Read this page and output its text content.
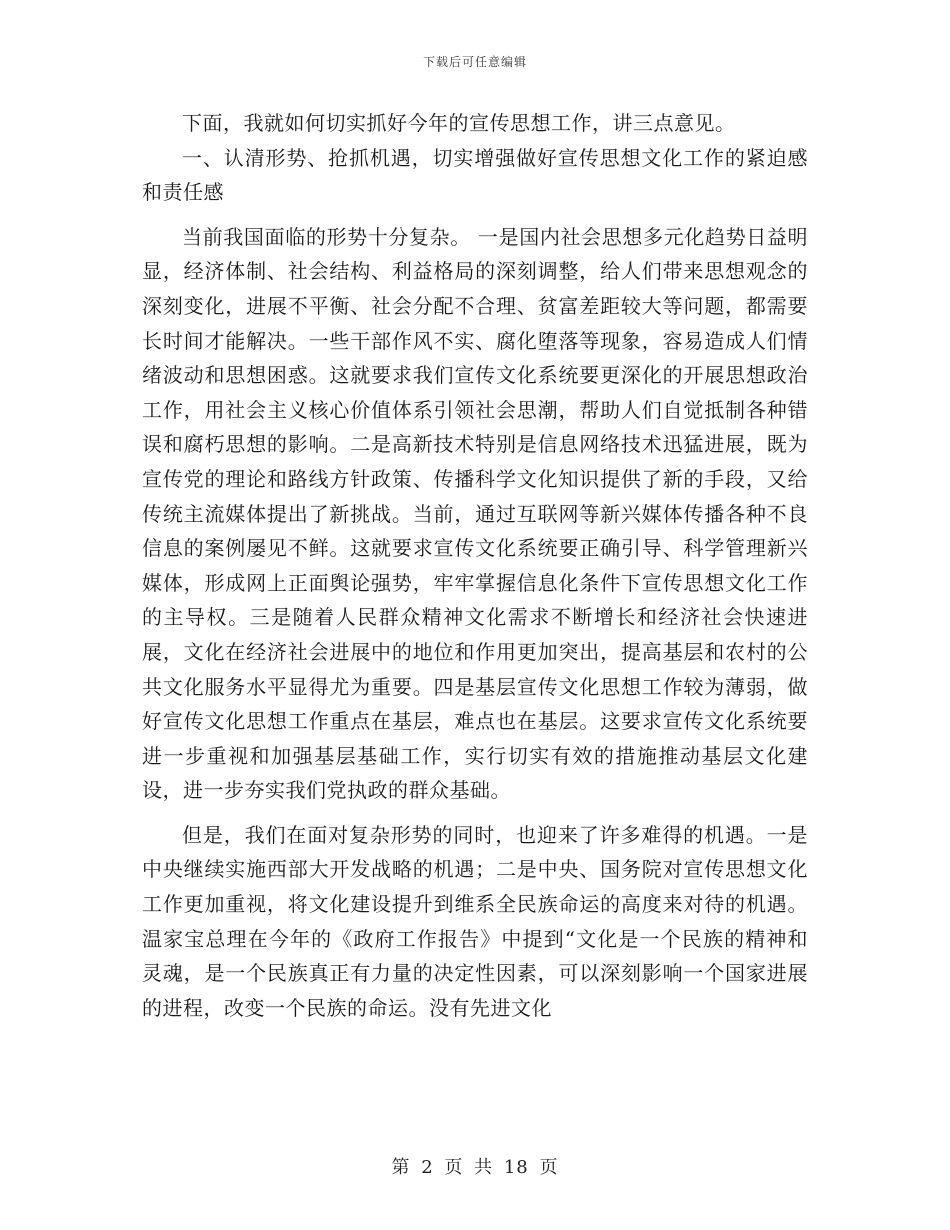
下载后可任意编辑

下面，我就如何切实抓好今年的宣传思想工作，讲三点意见。

一、认清形势、抢抓机遇，切实增强做好宣传思想文化工作的紧迫感和责任感

当前我国面临的形势十分复杂。 一是国内社会思想多元化趋势日益明显，经济体制、社会结构、利益格局的深刻调整，给人们带来思想观念的深刻变化，进展不平衡、社会分配不合理、贫富差距较大等问题，都需要长时间才能解决。一些干部作风不实、腐化堕落等现象，容易造成人们情绪波动和思想困惑。这就要求我们宣传文化系统要更深化的开展思想政治工作，用社会主义核心价值体系引领社会思潮，帮助人们自觉抵制各种错误和腐朽思想的影响。二是高新技术特别是信息网络技术迅猛进展，既为宣传党的理论和路线方针政策、传播科学文化知识提供了新的手段，又给传统主流媒体提出了新挑战。当前，通过互联网等新兴媒体传播各种不良信息的案例屡见不鲜。这就要求宣传文化系统要正确引导、科学管理新兴媒体，形成网上正面舆论强势，牢牢掌握信息化条件下宣传思想文化工作的主导权。三是随着人民群众精神文化需求不断增长和经济社会快速进展，文化在经济社会进展中的地位和作用更加突出，提高基层和农村的公共文化服务水平显得尤为重要。四是基层宣传文化思想工作较为薄弱，做好宣传文化思想工作重点在基层，难点也在基层。这要求宣传文化系统要进一步重视和加强基层基础工作，实行切实有效的措施推动基层文化建设，进一步夯实我们党执政的群众基础。

但是，我们在面对复杂形势的同时，也迎来了许多难得的机遇。一是中央继续实施西部大开发战略的机遇；二是中央、国务院对宣传思想文化工作更加重视，将文化建设提升到维系全民族命运的高度来对待的机遇。温家宝总理在今年的《政府工作报告》中提到“文化是一个民族的精神和灵魂，是一个民族真正有力量的决定性因素，可以深刻影响一个国家进展的进程，改变一个民族的命运。没有先进文化

第 2 页 共 18 页
